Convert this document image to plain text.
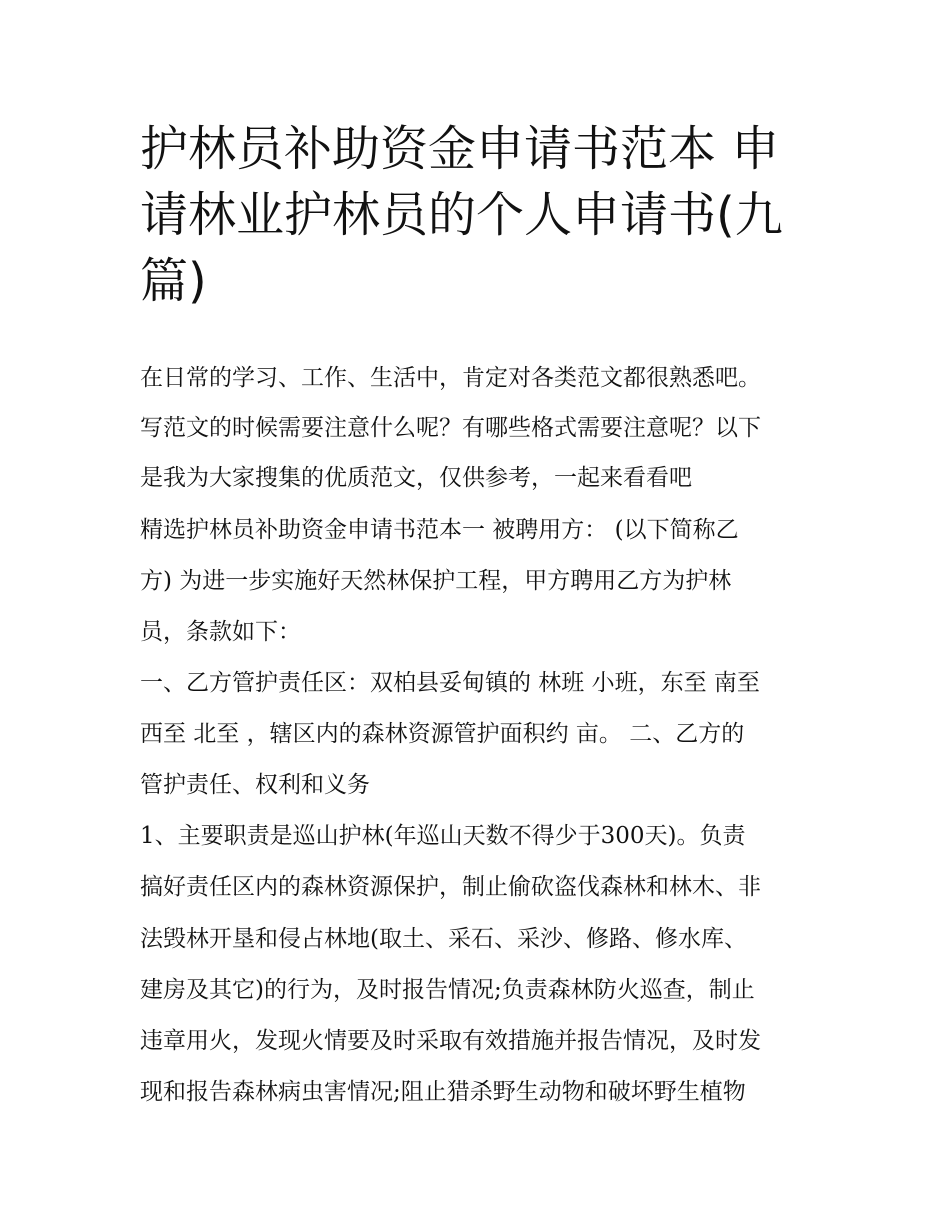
护林员补助资金申请书范本 申
请林业护林员的个人申请书(九
篇)

在日常的学习、工作、生活中，肯定对各类范文都很熟悉吧。

写范文的时候需要注意什么呢？有哪些格式需要注意呢？以下

是我为大家搜集的优质范文，仅供参考，一起来看看吧

精选护林员补助资金申请书范本一 被聘用方： (以下简称乙

方) 为进一步实施好天然林保护工程，甲方聘用乙方为护林

员，条款如下：

一、乙方管护责任区：双柏县妥甸镇的 林班 小班，东至 南至

西至 北至 ，辖区内的森林资源管护面积约 亩。 二、乙方的

管护责任、权利和义务

1、主要职责是巡山护林(年巡山天数不得少于300天)。负责

搞好责任区内的森林资源保护，制止偷砍盗伐森林和林木、非

法毁林开垦和侵占林地(取土、采石、采沙、修路、修水库、

建房及其它)的行为，及时报告情况;负责森林防火巡查，制止

违章用火，发现火情要及时采取有效措施并报告情况，及时发

现和报告森林病虫害情况;阻止猎杀野生动物和破坏野生植物
